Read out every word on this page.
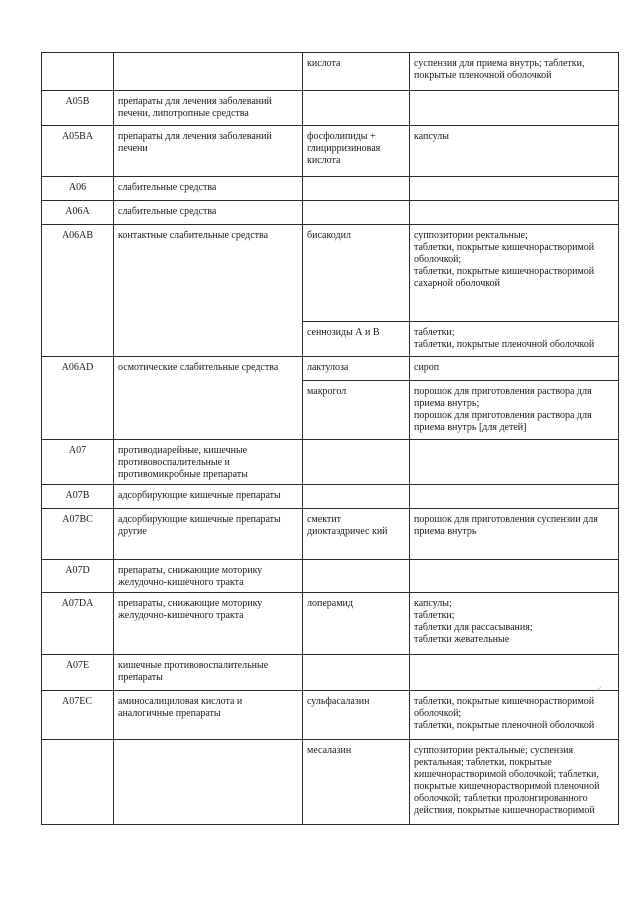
		кислота	суспензия для приема внутрь; таблетки, покрытые пленочной оболочкой
A05B	препараты для лечения заболеваний печени, липотропные средства		
A05BA	препараты для лечения заболеваний печени	фосфолипиды + глицирризиновая кислота	капсулы
A06	слабительные средства		
A06A	слабительные средства		
A06AB	контактные слабительные средства	бисакодил	суппозитории ректальные;
таблетки, покрытые кишечнорастворимой оболочкой;
таблетки, покрытые кишечнорастворимой сахарной оболочкой
		сеннозиды А и В	таблетки;
таблетки, покрытые пленочной оболочкой
A06AD	осмотические слабительные средства	лактулоза	сироп
		макрогол	порошок для приготовления раствора для приема внутрь;
порошок для приготовления раствора для приема внутрь [для детей]
A07	противодиарейные, кишечные противовоспалительные и противомикробные препараты		
A07B	адсорбирующие кишечные препараты		
A07BC	адсорбирующие кишечные препараты другие	смектит диоктаэдричес кий	порошок для приготовления суспензии для приема внутрь
A07D	препараты, снижающие моторику желудочно-кишечного тракта		
A07DA	препараты, снижающие моторику желудочно-кишечного тракта	лоперамид	капсулы;
таблетки;
таблетки для рассасывания;
таблетки жевательные
A07E	кишечные противовоспалительные препараты		
A07EC	аминосалициловая кислота и аналогичные препараты	сульфасалазин	таблетки, покрытые кишечнорастворимой оболочкой;
таблетки, покрытые пленочной оболочкой
		месалазин	суппозитории ректальные; суспензия ректальная; таблетки, покрытые кишечнорастворимой оболочкой; таблетки, покрытые кишечнорастворимой пленочной оболочкой; таблетки пролонгированного действия, покрытые кишечнорастворимой
